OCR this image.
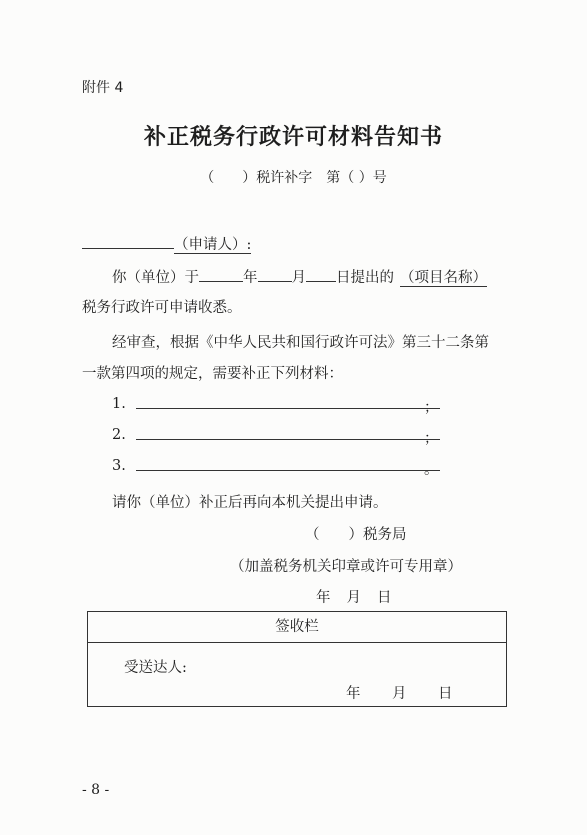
附件 4
补正税务行政许可材料告知书
（　　）税许补字　第（ ）号
（申请人）:
你（单位）于	年 月 日提出的 （项目名称）
税务行政许可申请收悉。
经审查，根据《中华人民共和国行政许可法》第三十二条第
一款第四项的规定，需要补正下列材料：
1.	；
2.	；
3.	。
请你（单位）补正后再向本机关提出申请。
（　　）税务局
（加盖税务机关印章或许可专用章）
年 月 日
签收栏
受送达人:
年 月 日
- 8 -
